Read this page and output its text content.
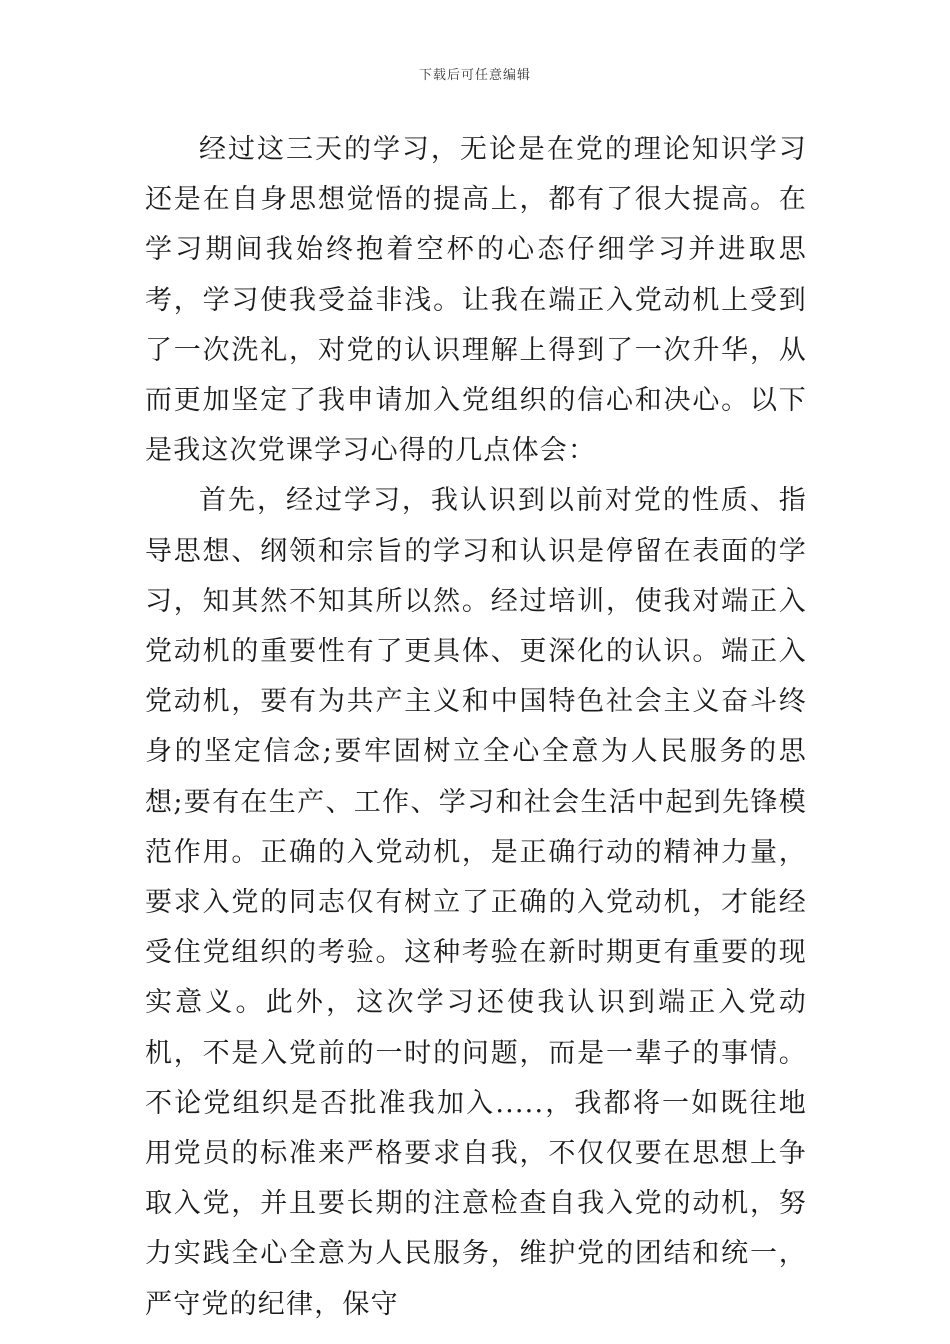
下载后可任意编辑

经过这三天的学习，无论是在党的理论知识学习还是在自身思想觉悟的提高上，都有了很大提高。在学习期间我始终抱着空杯的心态仔细学习并进取思考，学习使我受益非浅。让我在端正入党动机上受到了一次洗礼，对党的认识理解上得到了一次升华，从而更加坚定了我申请加入党组织的信心和决心。以下是我这次党课学习心得的几点体会：

首先，经过学习，我认识到以前对党的性质、指导思想、纲领和宗旨的学习和认识是停留在表面的学习，知其然不知其所以然。经过培训，使我对端正入党动机的重要性有了更具体、更深化的认识。端正入党动机，要有为共产主义和中国特色社会主义奋斗终身的坚定信念;要牢固树立全心全意为人民服务的思想;要有在生产、工作、学习和社会生活中起到先锋模范作用。正确的入党动机，是正确行动的精神力量，要求入党的同志仅有树立了正确的入党动机，才能经受住党组织的考验。这种考验在新时期更有重要的现实意义。此外，这次学习还使我认识到端正入党动机，不是入党前的一时的问题，而是一辈子的事情。不论党组织是否批准我加入.....，我都将一如既往地用党员的标准来严格要求自我，不仅仅要在思想上争取入党，并且要长期的注意检查自我入党的动机，努力实践全心全意为人民服务，维护党的团结和统一，严守党的纪律，保守
